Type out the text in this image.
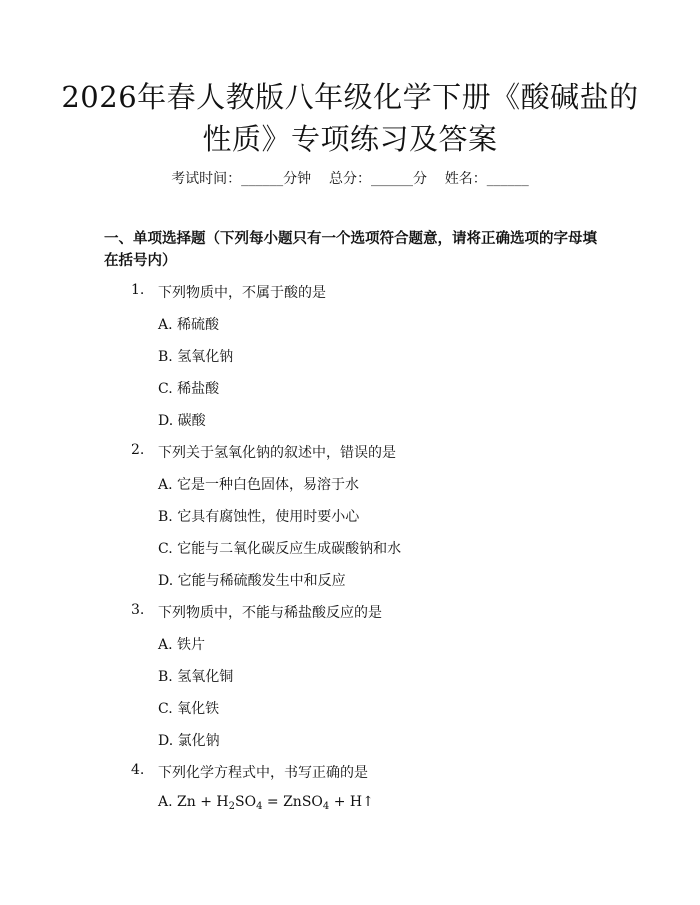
2026年春人教版八年级化学下册《酸碱盐的
性质》专项练习及答案
考试时间：______分钟    总分：______分    姓名：______
一、单项选择题（下列每小题只有一个选项符合题意，请将正确选项的字母填在括号内）
1. 下列物质中，不属于酸的是
A. 稀硫酸
B. 氢氧化钠
C. 稀盐酸
D. 碳酸
2. 下列关于氢氧化钠的叙述中，错误的是
A. 它是一种白色固体，易溶于水
B. 它具有腐蚀性，使用时要小心
C. 它能与二氧化碳反应生成碳酸钠和水
D. 它能与稀硫酸发生中和反应
3. 下列物质中，不能与稀盐酸反应的是
A. 铁片
B. 氢氧化铜
C. 氧化铁
D. 氯化钠
4. 下列化学方程式中，书写正确的是
A. $Zn + H_2SO_4$ = ZnSO$_4$ + H↑
